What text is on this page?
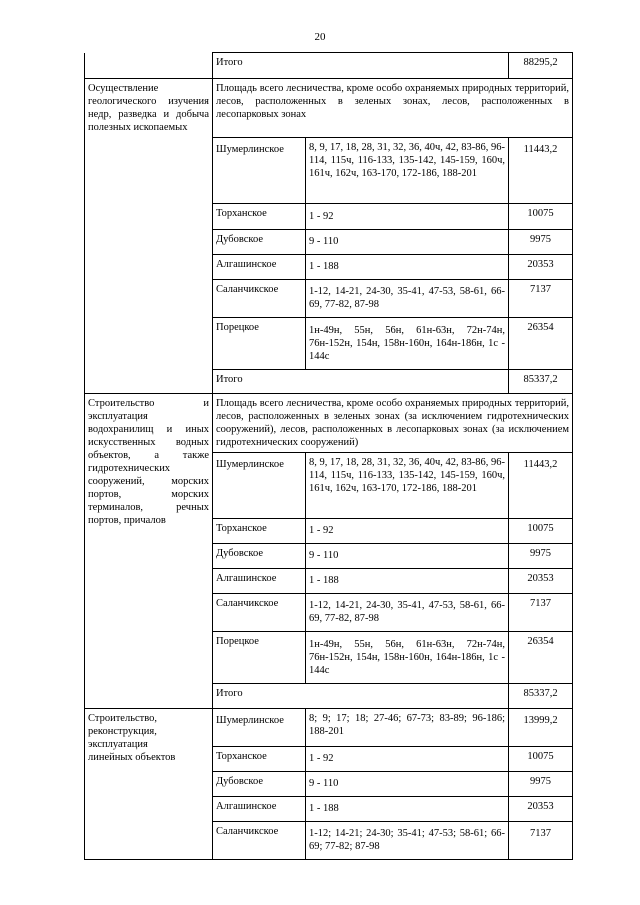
20
	Итого		88295,2

Осуществление геологического изучения недр, разведка и добыча полезных ископаемых	Площадь всего лесничества, кроме особо охраняемых природных территорий, лесов, расположенных в зеленых зонах, лесов, расположенных в лесопарковых зонах		
	Шумерлинское	8, 9, 17, 18, 28, 31, 32, 36, 40ч, 42, 83-86, 96-114, 115ч, 116-133, 135-142, 145-159, 160ч, 161ч, 162ч, 163-170, 172-186, 188-201	11443,2
	Торханское	1 - 92	10075
	Дубовское	9 - 110	9975
	Алгашинское	1 - 188	20353
	Саланчикское	1-12, 14-21, 24-30, 35-41, 47-53, 58-61, 66-69, 77-82, 87-98	7137
	Порецкое	1н-49н, 55н, 56н, 61н-63н, 72н-74н, 76н-152н, 154н, 158н-160н, 164н-186н, 1с - 144с	26354
	Итого		85337,2

Строительство и эксплуатация водохранилищ и иных искусственных водных объектов, а также гидротехнических сооружений, морских портов, морских терминалов, речных портов, причалов	Площадь всего лесничества, кроме особо охраняемых природных территорий, лесов, расположенных в зеленых зонах (за исключением гидротехнических сооружений), лесов, расположенных в лесопарковых зонах (за исключением гидротехнических сооружений)		
	Шумерлинское	8, 9, 17, 18, 28, 31, 32, 36, 40ч, 42, 83-86, 96-114, 115ч, 116-133, 135-142, 145-159, 160ч, 161ч, 162ч, 163-170, 172-186, 188-201	11443,2
	Торханское	1 - 92	10075
	Дубовское	9 - 110	9975
	Алгашинское	1 - 188	20353
	Саланчикское	1-12, 14-21, 24-30, 35-41, 47-53, 58-61, 66-69, 77-82, 87-98	7137
	Порецкое	1н-49н, 55н, 56н, 61н-63н, 72н-74н, 76н-152н, 154н, 158н-160н, 164н-186н, 1с - 144с	26354
	Итого		85337,2

Строительство, реконструкция, эксплуатация линейных объектов	Шумерлинское	8; 9; 17; 18; 27-46; 67-73; 83-89; 96-186; 188-201	13999,2
	Торханское	1 - 92	10075
	Дубовское	9 - 110	9975
	Алгашинское	1 - 188	20353
	Саланчикское	1-12; 14-21; 24-30; 35-41; 47-53; 58-61; 66-69; 77-82; 87-98	7137
